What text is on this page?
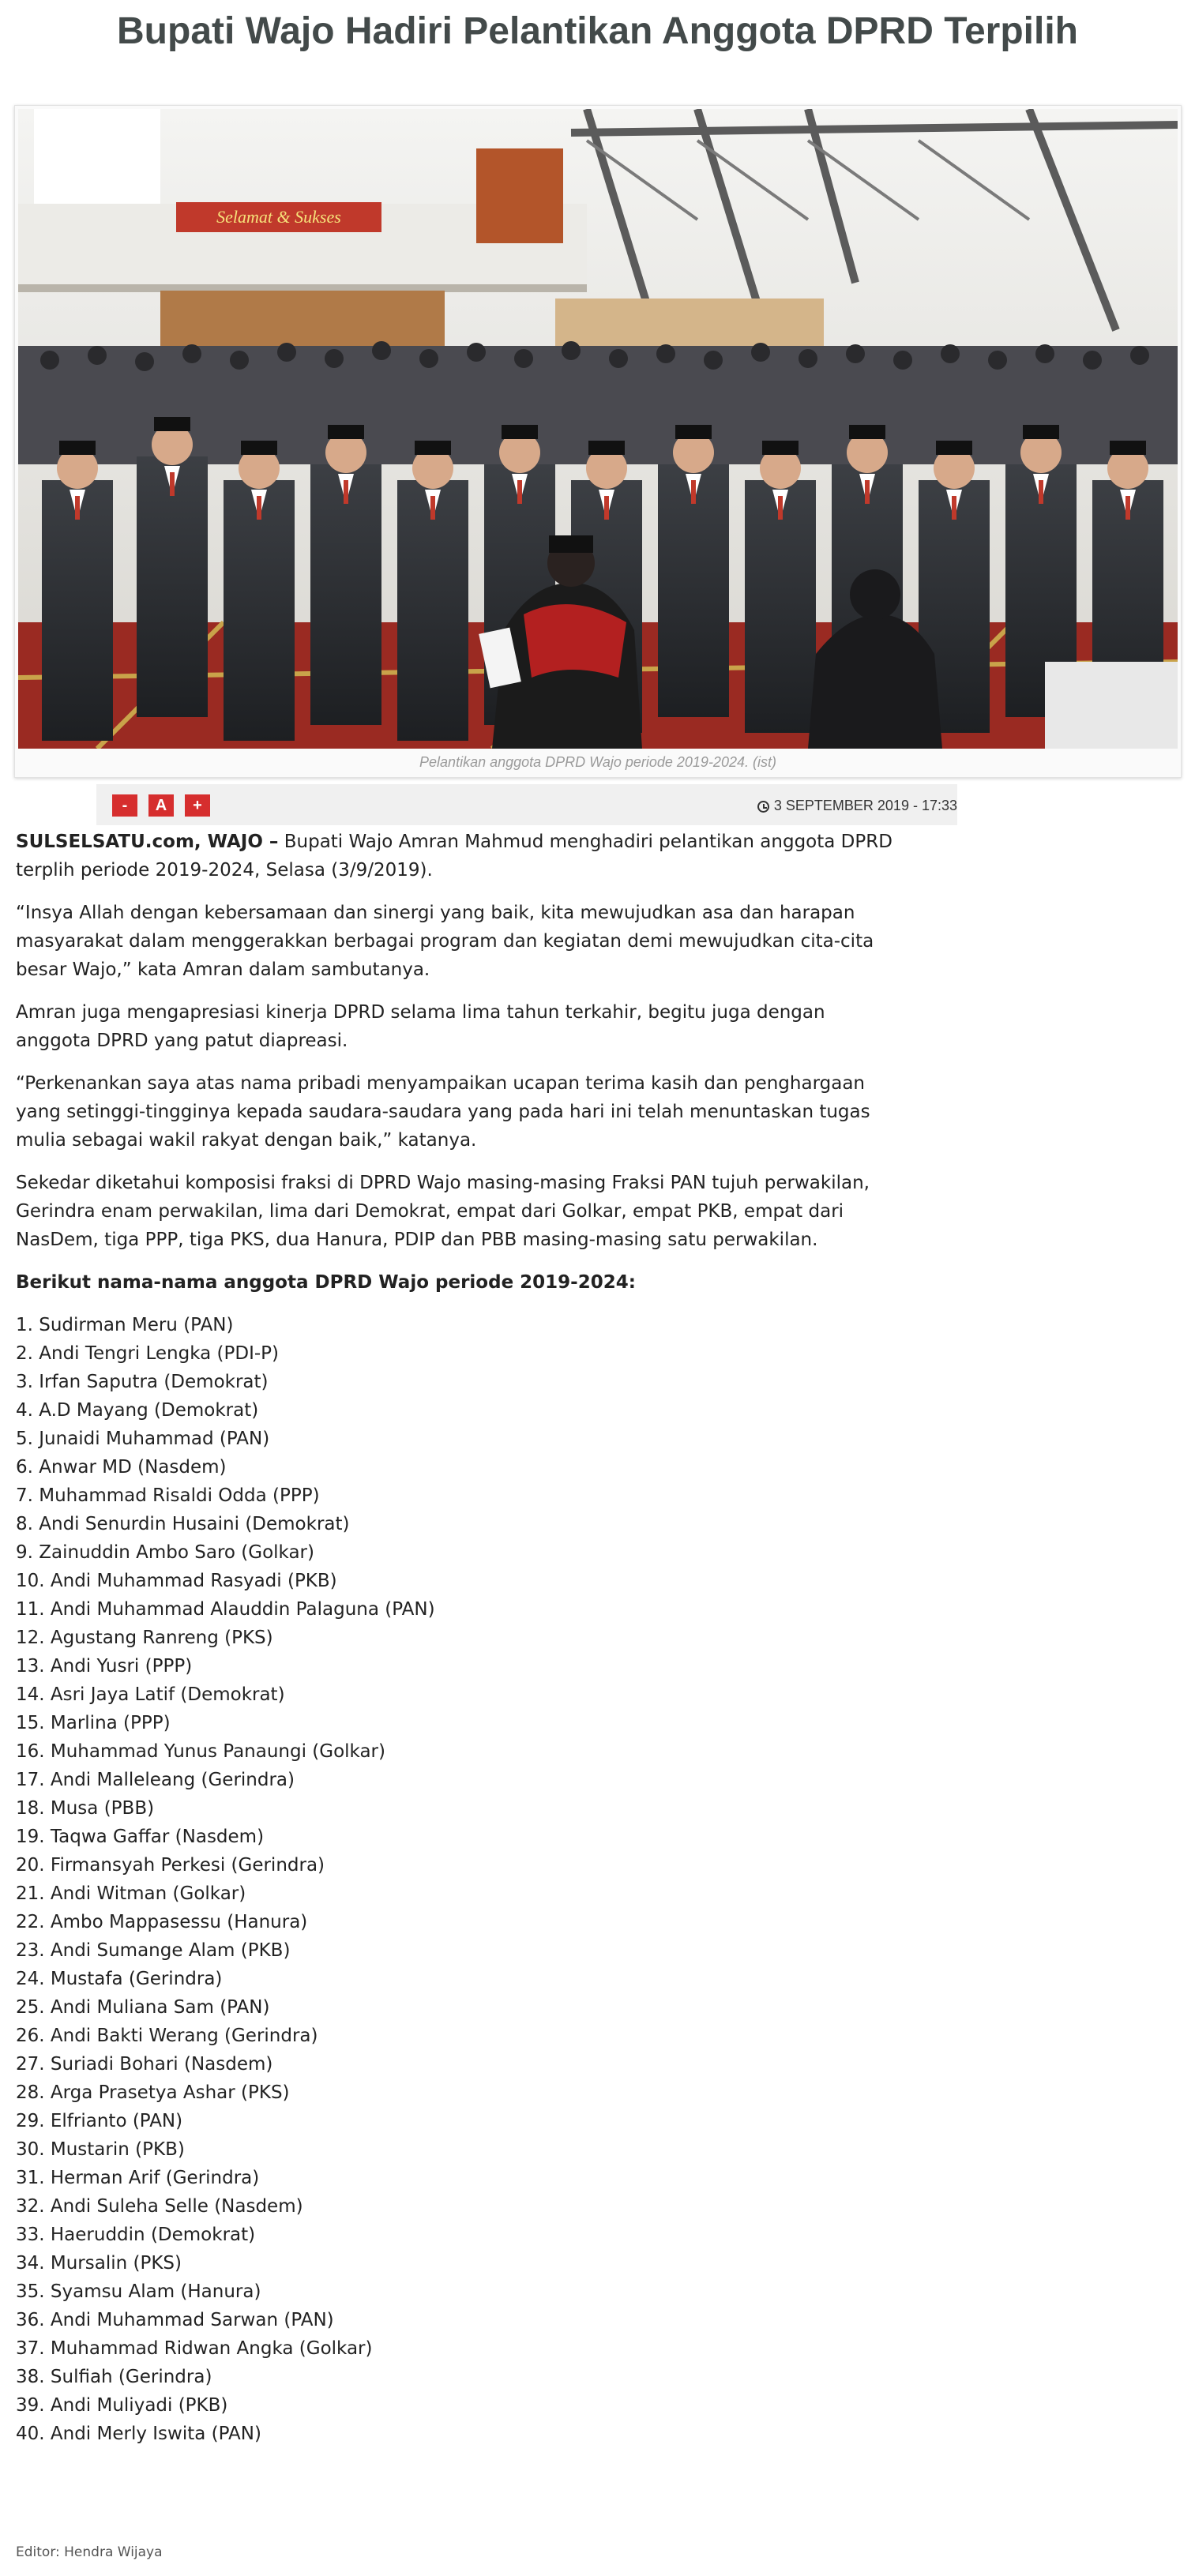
Bupati Wajo Hadiri Pelantikan Anggota DPRD Terpilih
Selamat & Sukses
Pelantikan anggota DPRD Wajo periode 2019-2024. (ist)
-	A	+	3 SEPTEMBER 2019 - 17:33

SULSELSATU.com, WAJO – Bupati Wajo Amran Mahmud menghadiri pelantikan anggota DPRD terplih periode 2019-2024, Selasa (3/9/2019).

“Insya Allah dengan kebersamaan dan sinergi yang baik, kita mewujudkan asa dan harapan masyarakat dalam menggerakkan berbagai program dan kegiatan demi mewujudkan cita-cita besar Wajo,” kata Amran dalam sambutanya.

Amran juga mengapresiasi kinerja DPRD selama lima tahun terkahir, begitu juga dengan anggota DPRD yang patut diapreasi.

“Perkenankan saya atas nama pribadi menyampaikan ucapan terima kasih dan penghargaan yang setinggi-tingginya kepada saudara-saudara yang pada hari ini telah menuntaskan tugas mulia sebagai wakil rakyat dengan baik,” katanya.

Sekedar diketahui komposisi fraksi di DPRD Wajo masing-masing Fraksi PAN tujuh perwakilan, Gerindra enam perwakilan, lima dari Demokrat, empat dari Golkar, empat PKB, empat dari NasDem, tiga PPP, tiga PKS, dua Hanura, PDIP dan PBB masing-masing satu perwakilan.

Berikut nama-nama anggota DPRD Wajo periode 2019-2024:

1. Sudirman Meru (PAN)
2. Andi Tengri Lengka (PDI-P)
3. Irfan Saputra (Demokrat)
4. A.D Mayang (Demokrat)
5. Junaidi Muhammad (PAN)
6. Anwar MD (Nasdem)
7. Muhammad Risaldi Odda (PPP)
8. Andi Senurdin Husaini (Demokrat)
9. Zainuddin Ambo Saro (Golkar)
10. Andi Muhammad Rasyadi (PKB)
11. Andi Muhammad Alauddin Palaguna (PAN)
12. Agustang Ranreng (PKS)
13. Andi Yusri (PPP)
14. Asri Jaya Latif (Demokrat)
15. Marlina (PPP)
16. Muhammad Yunus Panaungi (Golkar)
17. Andi Malleleang (Gerindra)
18. Musa (PBB)
19. Taqwa Gaffar (Nasdem)
20. Firmansyah Perkesi (Gerindra)
21. Andi Witman (Golkar)
22. Ambo Mappasessu (Hanura)
23. Andi Sumange Alam (PKB)
24. Mustafa (Gerindra)
25. Andi Muliana Sam (PAN)
26. Andi Bakti Werang (Gerindra)
27. Suriadi Bohari (Nasdem)
28. Arga Prasetya Ashar (PKS)
29. Elfrianto (PAN)
30. Mustarin (PKB)
31. Herman Arif (Gerindra)
32. Andi Suleha Selle (Nasdem)
33. Haeruddin (Demokrat)
34. Mursalin (PKS)
35. Syamsu Alam (Hanura)
36. Andi Muhammad Sarwan (PAN)
37. Muhammad Ridwan Angka (Golkar)
38. Sulfiah (Gerindra)
39. Andi Muliyadi (PKB)
40. Andi Merly Iswita (PAN)
Editor: Hendra Wijaya
